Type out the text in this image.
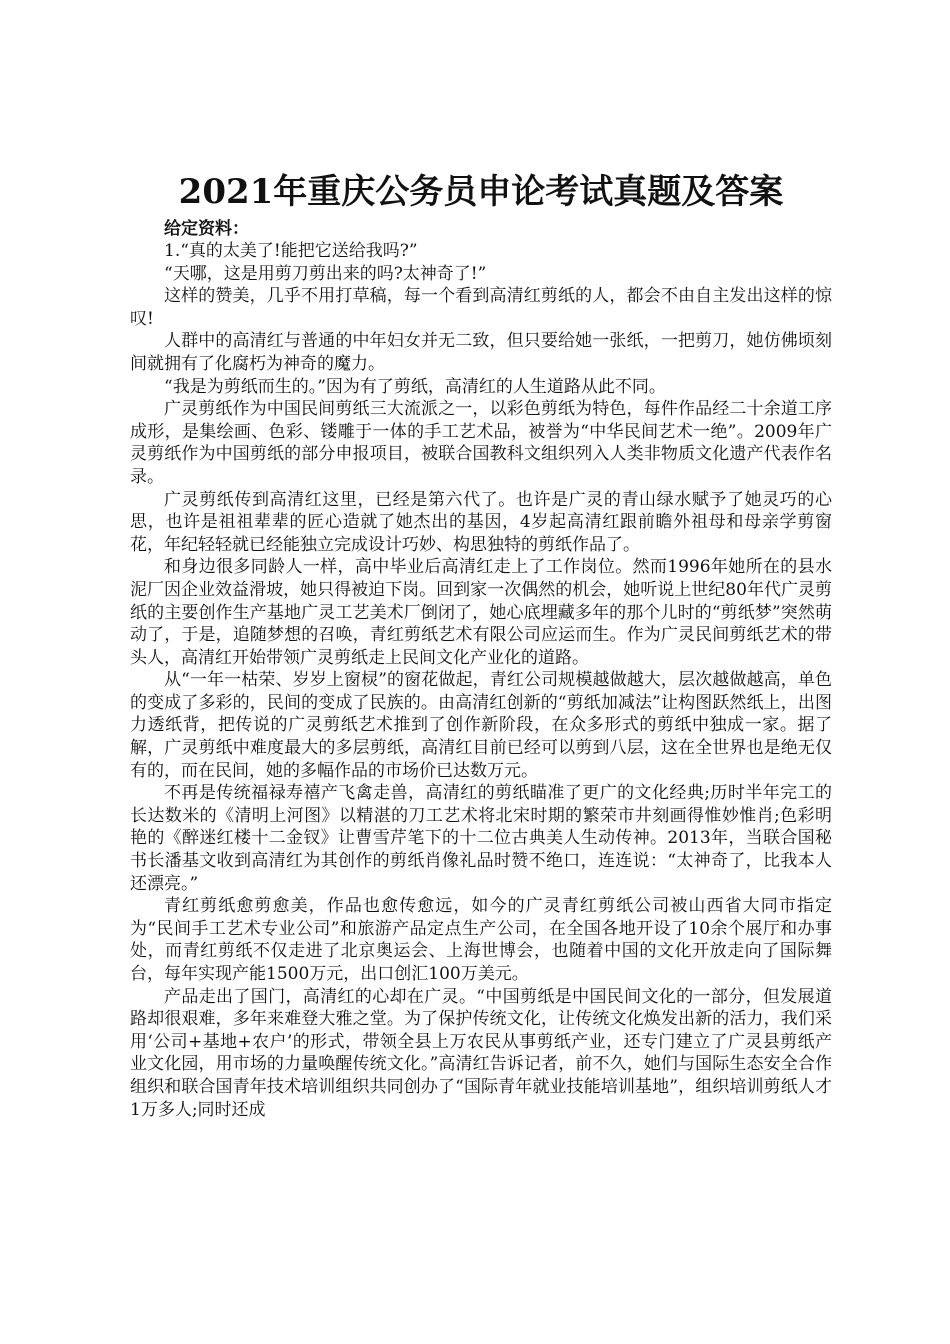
2021年重庆公务员申论考试真题及答案
给定资料：

1.“真的太美了!能把它送给我吗?”

“天哪，这是用剪刀剪出来的吗?太神奇了!”

这样的赞美，几乎不用打草稿，每一个看到高清红剪纸的人，都会不由自主发出这样的惊叹!

人群中的高清红与普通的中年妇女并无二致，但只要给她一张纸，一把剪刀，她仿佛顷刻间就拥有了化腐朽为神奇的魔力。

“我是为剪纸而生的。”因为有了剪纸，高清红的人生道路从此不同。

广灵剪纸作为中国民间剪纸三大流派之一，以彩色剪纸为特色，每件作品经二十余道工序成形，是集绘画、色彩、镂雕于一体的手工艺术品，被誉为“中华民间艺术一绝”。2009年广灵剪纸作为中国剪纸的部分申报项目，被联合国教科文组织列入人类非物质文化遗产代表作名录。

广灵剪纸传到高清红这里，已经是第六代了。也许是广灵的青山绿水赋予了她灵巧的心思，也许是祖祖辈辈的匠心造就了她杰出的基因，4岁起高清红跟前瞻外祖母和母亲学剪窗花，年纪轻轻就已经能独立完成设计巧妙、构思独特的剪纸作品了。

和身边很多同龄人一样，高中毕业后高清红走上了工作岗位。然而1996年她所在的县水泥厂因企业效益滑坡，她只得被迫下岗。回到家一次偶然的机会，她听说上世纪80年代广灵剪纸的主要创作生产基地广灵工艺美术厂倒闭了，她心底埋藏多年的那个儿时的“剪纸梦”突然萌动了，于是，追随梦想的召唤，青红剪纸艺术有限公司应运而生。作为广灵民间剪纸艺术的带头人，高清红开始带领广灵剪纸走上民间文化产业化的道路。

从“一年一枯荣、岁岁上窗棂”的窗花做起，青红公司规模越做越大，层次越做越高，单色的变成了多彩的，民间的变成了民族的。由高清红创新的“剪纸加减法”让构图跃然纸上，出图力透纸背，把传说的广灵剪纸艺术推到了创作新阶段，在众多形式的剪纸中独成一家。据了解，广灵剪纸中难度最大的多层剪纸，高清红目前已经可以剪到八层，这在全世界也是绝无仅有的，而在民间，她的多幅作品的市场价已达数万元。

不再是传统福禄寿禧产飞禽走兽，高清红的剪纸瞄准了更广的文化经典;历时半年完工的长达数米的《清明上河图》以精湛的刀工艺术将北宋时期的繁荣市井刻画得惟妙惟肖;色彩明艳的《醉迷红楼十二金钗》让曹雪芹笔下的十二位古典美人生动传神。2013年，当联合国秘书长潘基文收到高清红为其创作的剪纸肖像礼品时赞不绝口，连连说：“太神奇了，比我本人还漂亮。”

青红剪纸愈剪愈美，作品也愈传愈远，如今的广灵青红剪纸公司被山西省大同市指定为“民间手工艺术专业公司”和旅游产品定点生产公司，在全国各地开设了10余个展厅和办事处，而青红剪纸不仅走进了北京奥运会、上海世博会，也随着中国的文化开放走向了国际舞台，每年实现产能1500万元，出口创汇100万美元。

产品走出了国门，高清红的心却在广灵。“中国剪纸是中国民间文化的一部分，但发展道路却很艰难，多年来难登大雅之堂。为了保护传统文化，让传统文化焕发出新的活力，我们采用‘公司+基地+农户’的形式，带领全县上万农民从事剪纸产业，还专门建立了广灵县剪纸产业文化园，用市场的力量唤醒传统文化。”高清红告诉记者，前不久，她们与国际生态安全合作组织和联合国青年技术培训组织共同创办了“国际青年就业技能培训基地”，组织培训剪纸人才1万多人;同时还成
